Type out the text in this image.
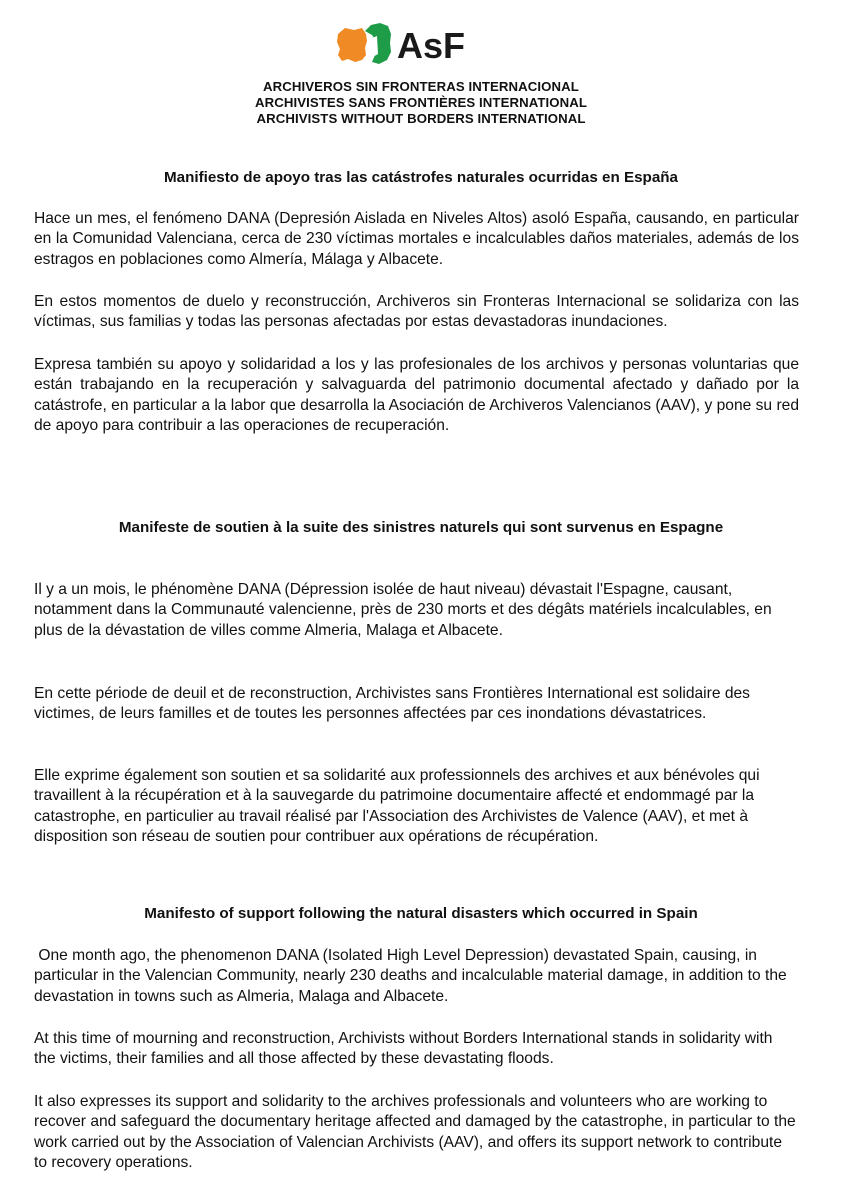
AsF
ARCHIVEROS SIN FRONTERAS INTERNACIONAL
ARCHIVISTES SANS FRONTIÈRES INTERNATIONAL
ARCHIVISTS WITHOUT BORDERS INTERNATIONAL
Manifiesto de apoyo tras las catástrofes naturales ocurridas en España

Hace un mes, el fenómeno DANA (Depresión Aislada en Niveles Altos) asoló España, causando, en particular en la Comunidad Valenciana, cerca de 230 víctimas mortales e incalculables daños materiales, además de los estragos en poblaciones como Almería, Málaga y Albacete.

En estos momentos de duelo y reconstrucción, Archiveros sin Fronteras Internacional se solidariza con las víctimas, sus familias y todas las personas afectadas por estas devastadoras inundaciones.

Expresa también su apoyo y solidaridad a los y las profesionales de los archivos y personas voluntarias que están trabajando en la recuperación y salvaguarda del patrimonio documental afectado y dañado por la catástrofe, en particular a la labor que desarrolla la Asociación de Archiveros Valencianos (AAV), y pone su red de apoyo para contribuir a las operaciones de recuperación.

Manifeste de soutien à la suite des sinistres naturels qui sont survenus en Espagne

Il y a un mois, le phénomène DANA (Dépression isolée de haut niveau) dévastait l'Espagne, causant, notamment dans la Communauté valencienne, près de 230 morts et des dégâts matériels incalculables, en plus de la dévastation de villes comme Almeria, Malaga et Albacete.

En cette période de deuil et de reconstruction, Archivistes sans Frontières International est solidaire des victimes, de leurs familles et de toutes les personnes affectées par ces inondations dévastatrices.

Elle exprime également son soutien et sa solidarité aux professionnels des archives et aux bénévoles qui travaillent à la récupération et à la sauvegarde du patrimoine documentaire affecté et endommagé par la catastrophe, en particulier au travail réalisé par l'Association des Archivistes de Valence (AAV), et met à disposition son réseau de soutien pour contribuer aux opérations de récupération.

Manifesto of support following the natural disasters which occurred in Spain

One month ago, the phenomenon DANA (Isolated High Level Depression) devastated Spain, causing, in particular in the Valencian Community, nearly 230 deaths and incalculable material damage, in addition to the devastation in towns such as Almeria, Malaga and Albacete.

At this time of mourning and reconstruction, Archivists without Borders International stands in solidarity with the victims, their families and all those affected by these devastating floods.

It also expresses its support and solidarity to the archives professionals and volunteers who are working to recover and safeguard the documentary heritage affected and damaged by the catastrophe, in particular to the work carried out by the Association of Valencian Archivists (AAV), and offers its support network to contribute to recovery operations.
